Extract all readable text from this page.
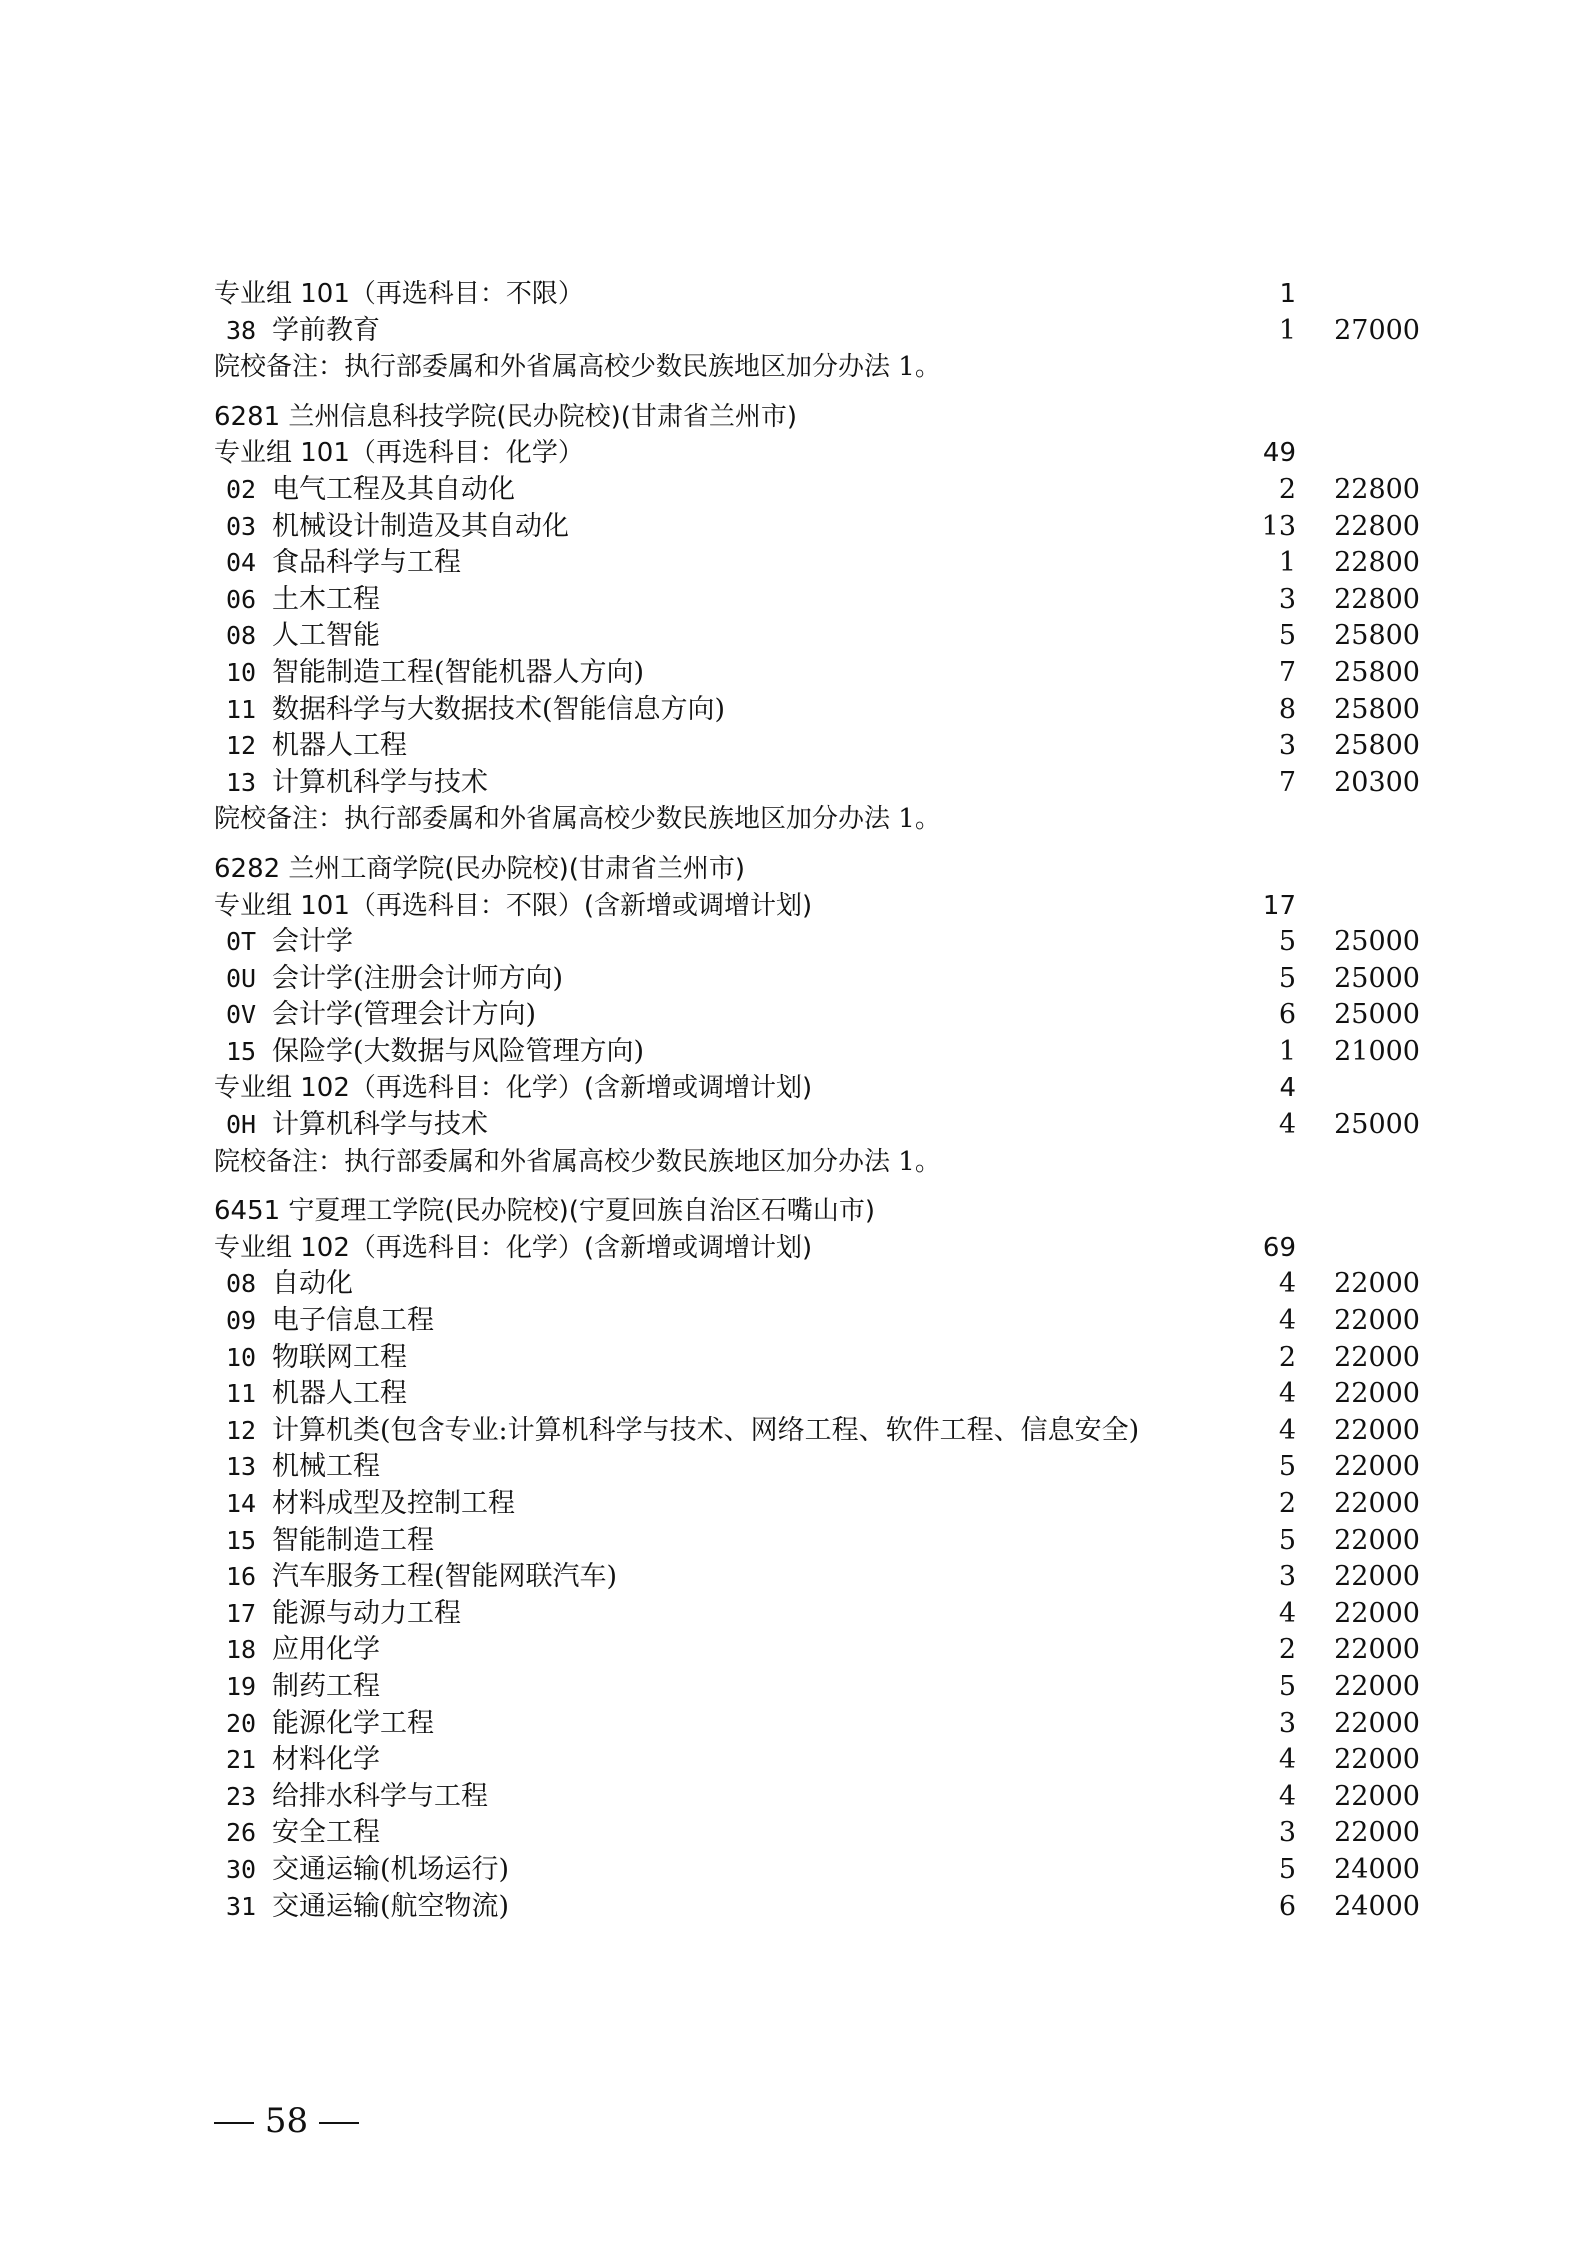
专业组 101（再选科目：不限）	1
38 学前教育	1 27000
院校备注：执行部委属和外省属高校少数民族地区加分办法 1。
6281 兰州信息科技学院(民办院校)(甘肃省兰州市)
专业组 101（再选科目：化学）	49
02 电气工程及其自动化	2 22800
03 机械设计制造及其自动化	13 22800
04 食品科学与工程	1 22800
06 土木工程	3 22800
08 人工智能	5 25800
10 智能制造工程(智能机器人方向)	7 25800
11 数据科学与大数据技术(智能信息方向)	8 25800
12 机器人工程	3 25800
13 计算机科学与技术	7 20300
院校备注：执行部委属和外省属高校少数民族地区加分办法 1。
6282 兰州工商学院(民办院校)(甘肃省兰州市)
专业组 101（再选科目：不限）(含新增或调增计划)	17
0T 会计学	5 25000
0U 会计学(注册会计师方向)	5 25000
0V 会计学(管理会计方向)	6 25000
15 保险学(大数据与风险管理方向)	1 21000
专业组 102（再选科目：化学）(含新增或调增计划)	4
0H 计算机科学与技术	4 25000
院校备注：执行部委属和外省属高校少数民族地区加分办法 1。
6451 宁夏理工学院(民办院校)(宁夏回族自治区石嘴山市)
专业组 102（再选科目：化学）(含新增或调增计划)	69
08 自动化	4 22000
09 电子信息工程	4 22000
10 物联网工程	2 22000
11 机器人工程	4 22000
12 计算机类(包含专业:计算机科学与技术、网络工程、软件工程、信息安全)	4 22000
13 机械工程	5 22000
14 材料成型及控制工程	2 22000
15 智能制造工程	5 22000
16 汽车服务工程(智能网联汽车)	3 22000
17 能源与动力工程	4 22000
18 应用化学	2 22000
19 制药工程	5 22000
20 能源化学工程	3 22000
21 材料化学	4 22000
23 给排水科学与工程	4 22000
26 安全工程	3 22000
30 交通运输(机场运行)	5 24000
31 交通运输(航空物流)	6 24000
58
